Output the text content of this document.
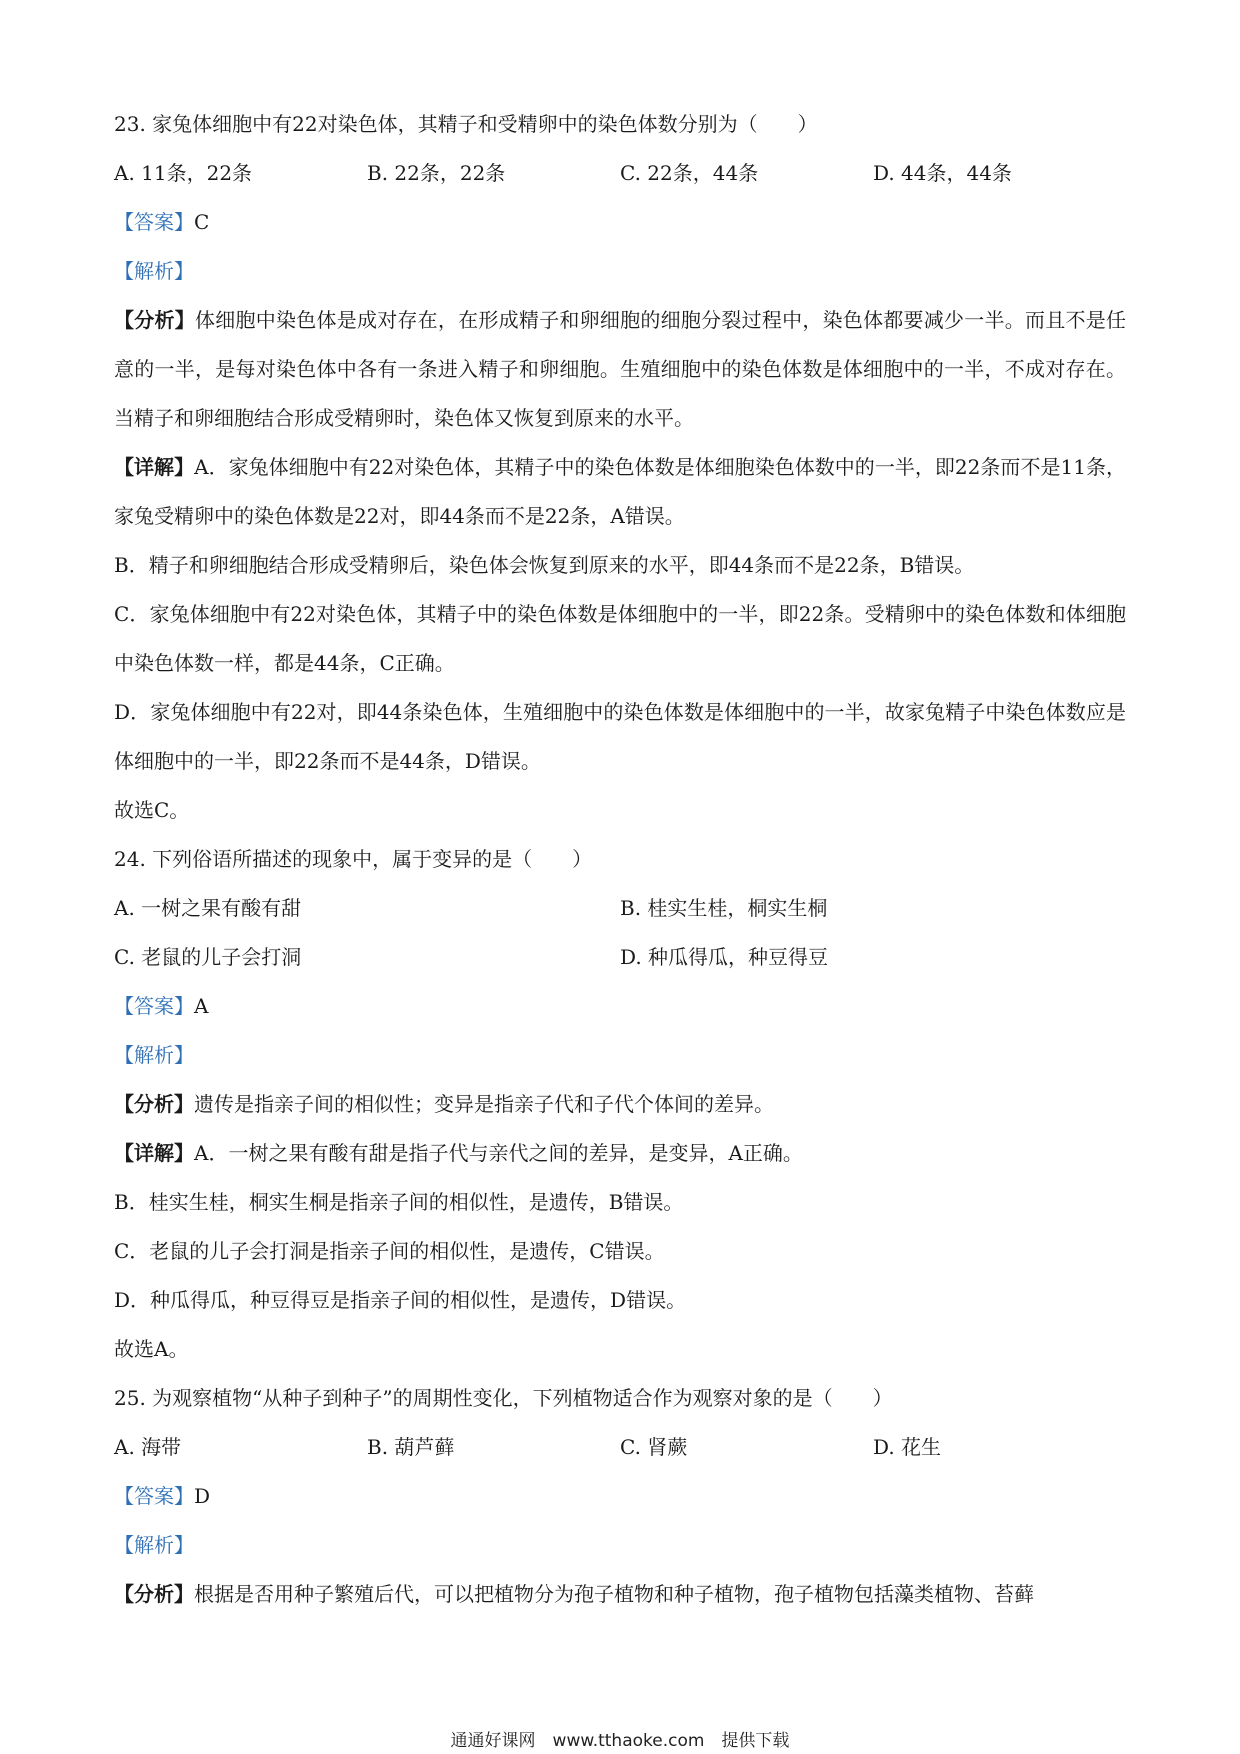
23. 家兔体细胞中有22对染色体，其精子和受精卵中的染色体数分别为（　　）
A. 11条，22条	B. 22条，22条	C. 22条，44条	D. 44条，44条
【答案】C
【解析】
【分析】体细胞中染色体是成对存在，在形成精子和卵细胞的细胞分裂过程中，染色体都要减少一半。而且不是任意的一半，是每对染色体中各有一条进入精子和卵细胞。生殖细胞中的染色体数是体细胞中的一半，不成对存在。当精子和卵细胞结合形成受精卵时，染色体又恢复到原来的水平。
【详解】A．家兔体细胞中有22对染色体，其精子中的染色体数是体细胞染色体数中的一半，即22条而不是11条，家兔受精卵中的染色体数是22对，即44条而不是22条，A错误。
B．精子和卵细胞结合形成受精卵后，染色体会恢复到原来的水平，即44条而不是22条，B错误。
C．家兔体细胞中有22对染色体，其精子中的染色体数是体细胞中的一半，即22条。受精卵中的染色体数和体细胞中染色体数一样，都是44条，C正确。
D．家兔体细胞中有22对，即44条染色体，生殖细胞中的染色体数是体细胞中的一半，故家兔精子中染色体数应是体细胞中的一半，即22条而不是44条，D错误。
故选C。
24. 下列俗语所描述的现象中，属于变异的是（　　）
A. 一树之果有酸有甜	B. 桂实生桂，桐实生桐
C. 老鼠的儿子会打洞	D. 种瓜得瓜，种豆得豆
【答案】A
【解析】
【分析】遗传是指亲子间的相似性；变异是指亲子代和子代个体间的差异。
【详解】A．一树之果有酸有甜是指子代与亲代之间的差异，是变异，A正确。
B．桂实生桂，桐实生桐是指亲子间的相似性，是遗传，B错误。
C．老鼠的儿子会打洞是指亲子间的相似性，是遗传，C错误。
D．种瓜得瓜，种豆得豆是指亲子间的相似性，是遗传，D错误。
故选A。
25. 为观察植物“从种子到种子”的周期性变化，下列植物适合作为观察对象的是（　　）
A. 海带	B. 葫芦藓	C. 肾蕨	D. 花生
【答案】D
【解析】
【分析】根据是否用种子繁殖后代，可以把植物分为孢子植物和种子植物，孢子植物包括藻类植物、苔藓
通通好课网　www.tthaoke.com　提供下载
